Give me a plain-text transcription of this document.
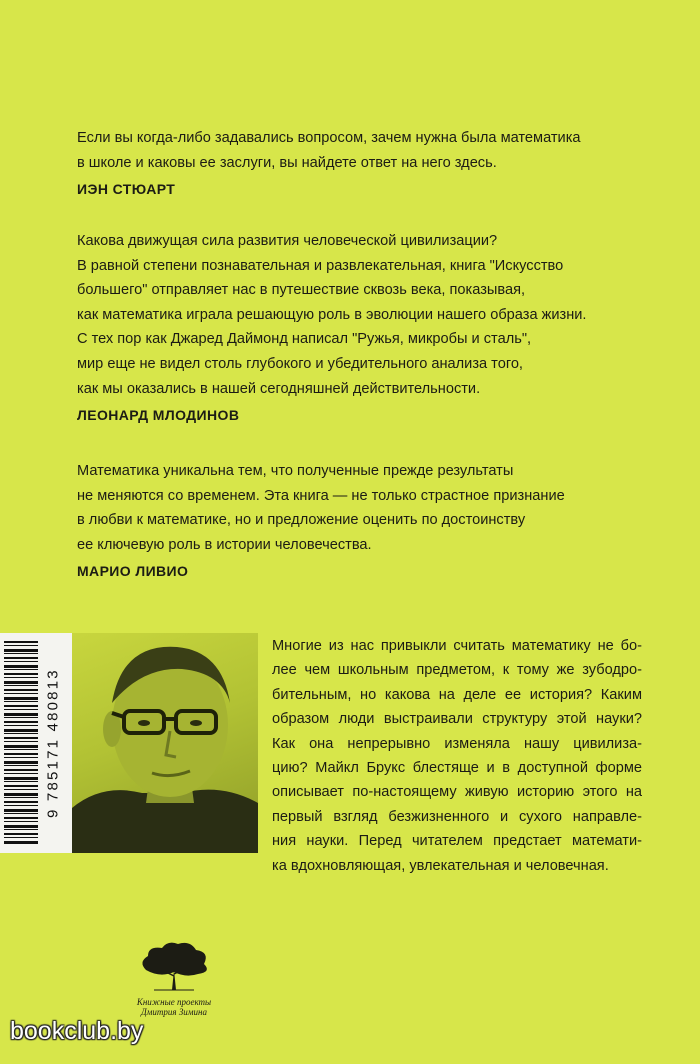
Если вы когда-либо задавались вопросом, зачем нужна была математика

в школе и каковы ее заслуги, вы найдете ответ на него здесь.

ИЭН СТЮАРТ

Какова движущая сила развития человеческой цивилизации?

В равной степени познавательная и развлекательная, книга "Искусство

большего" отправляет нас в путешествие сквозь века, показывая,

как математика играла решающую роль в эволюции нашего образа жизни.

С тех пор как Джаред Даймонд написал "Ружья, микробы и сталь",

мир еще не видел столь глубокого и убедительного анализа того,

как мы оказались в нашей сегодняшней действительности.

ЛЕОНАРД МЛОДИНОВ

Математика уникальна тем, что полученные прежде результаты

не меняются со временем. Эта книга — не только страстное признание

в любви к математике, но и предложение оценить по достоинству

ее ключевую роль в истории человечества.

МАРИО ЛИВИО

9 785171 480813

Многие из нас привыкли считать математику не бо-

лее чем школьным предметом, к тому же зубодро-

бительным, но какова на деле ее история? Каким

образом люди выстраивали структуру этой науки?

Как она непрерывно изменяла нашу цивилиза-

цию? Майкл Брукс блестяще и в доступной форме

описывает по-настоящему живую историю этого на

первый взгляд безжизненного и сухого направле-

ния науки. Перед читателем предстает математи-

ка вдохновляющая, увлекательная и человечная.

Книжные проекты
Дмитрия Зимина
bookclub.by
